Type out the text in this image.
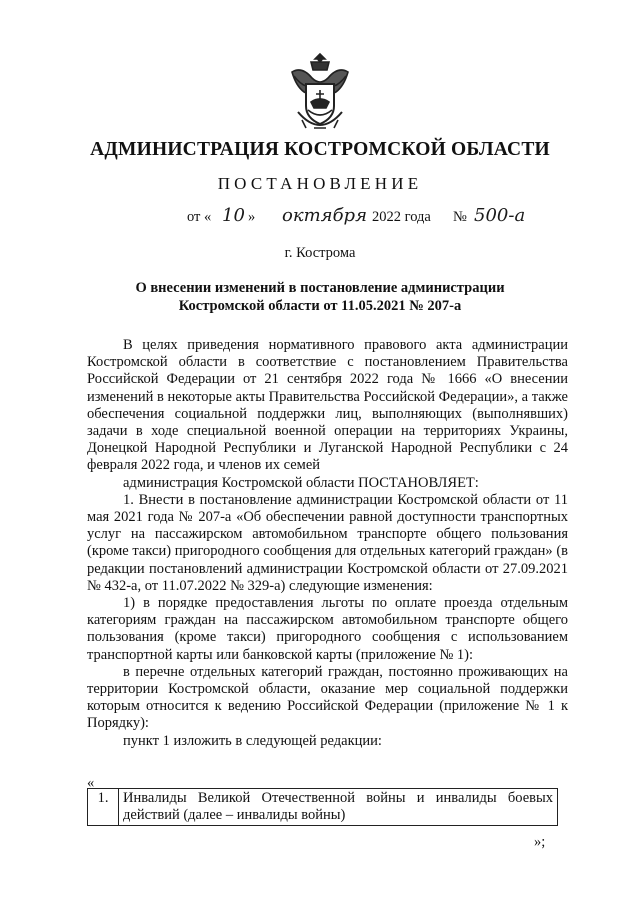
АДМИНИСТРАЦИЯ КОСТРОМСКОЙ ОБЛАСТИ
ПОСТАНОВЛЕНИЕ
от « 10 » октября 2022 года № 500-а
г. Кострома
О внесении изменений в постановление администрации
Костромской области от 11.05.2021 № 207-а

В целях приведения нормативного правового акта администрации Костромской области в соответствие с постановлением Правительства Российской Федерации от 21 сентября 2022 года № 1666 «О внесении изменений в некоторые акты Правительства Российской Федерации», а также обеспечения социальной поддержки лиц, выполняющих (выполнявших) задачи в ходе специальной военной операции на территориях Украины, Донецкой Народной Республики и Луганской Народной Республики с 24 февраля 2022 года, и членов их семей

администрация Костромской области ПОСТАНОВЛЯЕТ:

1. Внести в постановление администрации Костромской области от 11 мая 2021 года № 207-а «Об обеспечении равной доступности транспортных услуг на пассажирском автомобильном транспорте общего пользования (кроме такси) пригородного сообщения для отдельных категорий граждан» (в редакции постановлений администрации Костромской области от 27.09.2021 № 432-а, от 11.07.2022 № 329-а) следующие изменения:

1) в порядке предоставления льготы по оплате проезда отдельным категориям граждан на пассажирском автомобильном транспорте общего пользования (кроме такси) пригородного сообщения с использованием транспортной карты или банковской карты (приложение № 1):

в перечне отдельных категорий граждан, постоянно проживающих на территории Костромской области, оказание мер социальной поддержки которым относится к ведению Российской Федерации (приложение № 1 к Порядку):

пункт 1 изложить в следующей редакции:

«
1.	Инвалиды Великой Отечественной войны и инвалиды боевых действий (далее – инвалиды войны)
»;
